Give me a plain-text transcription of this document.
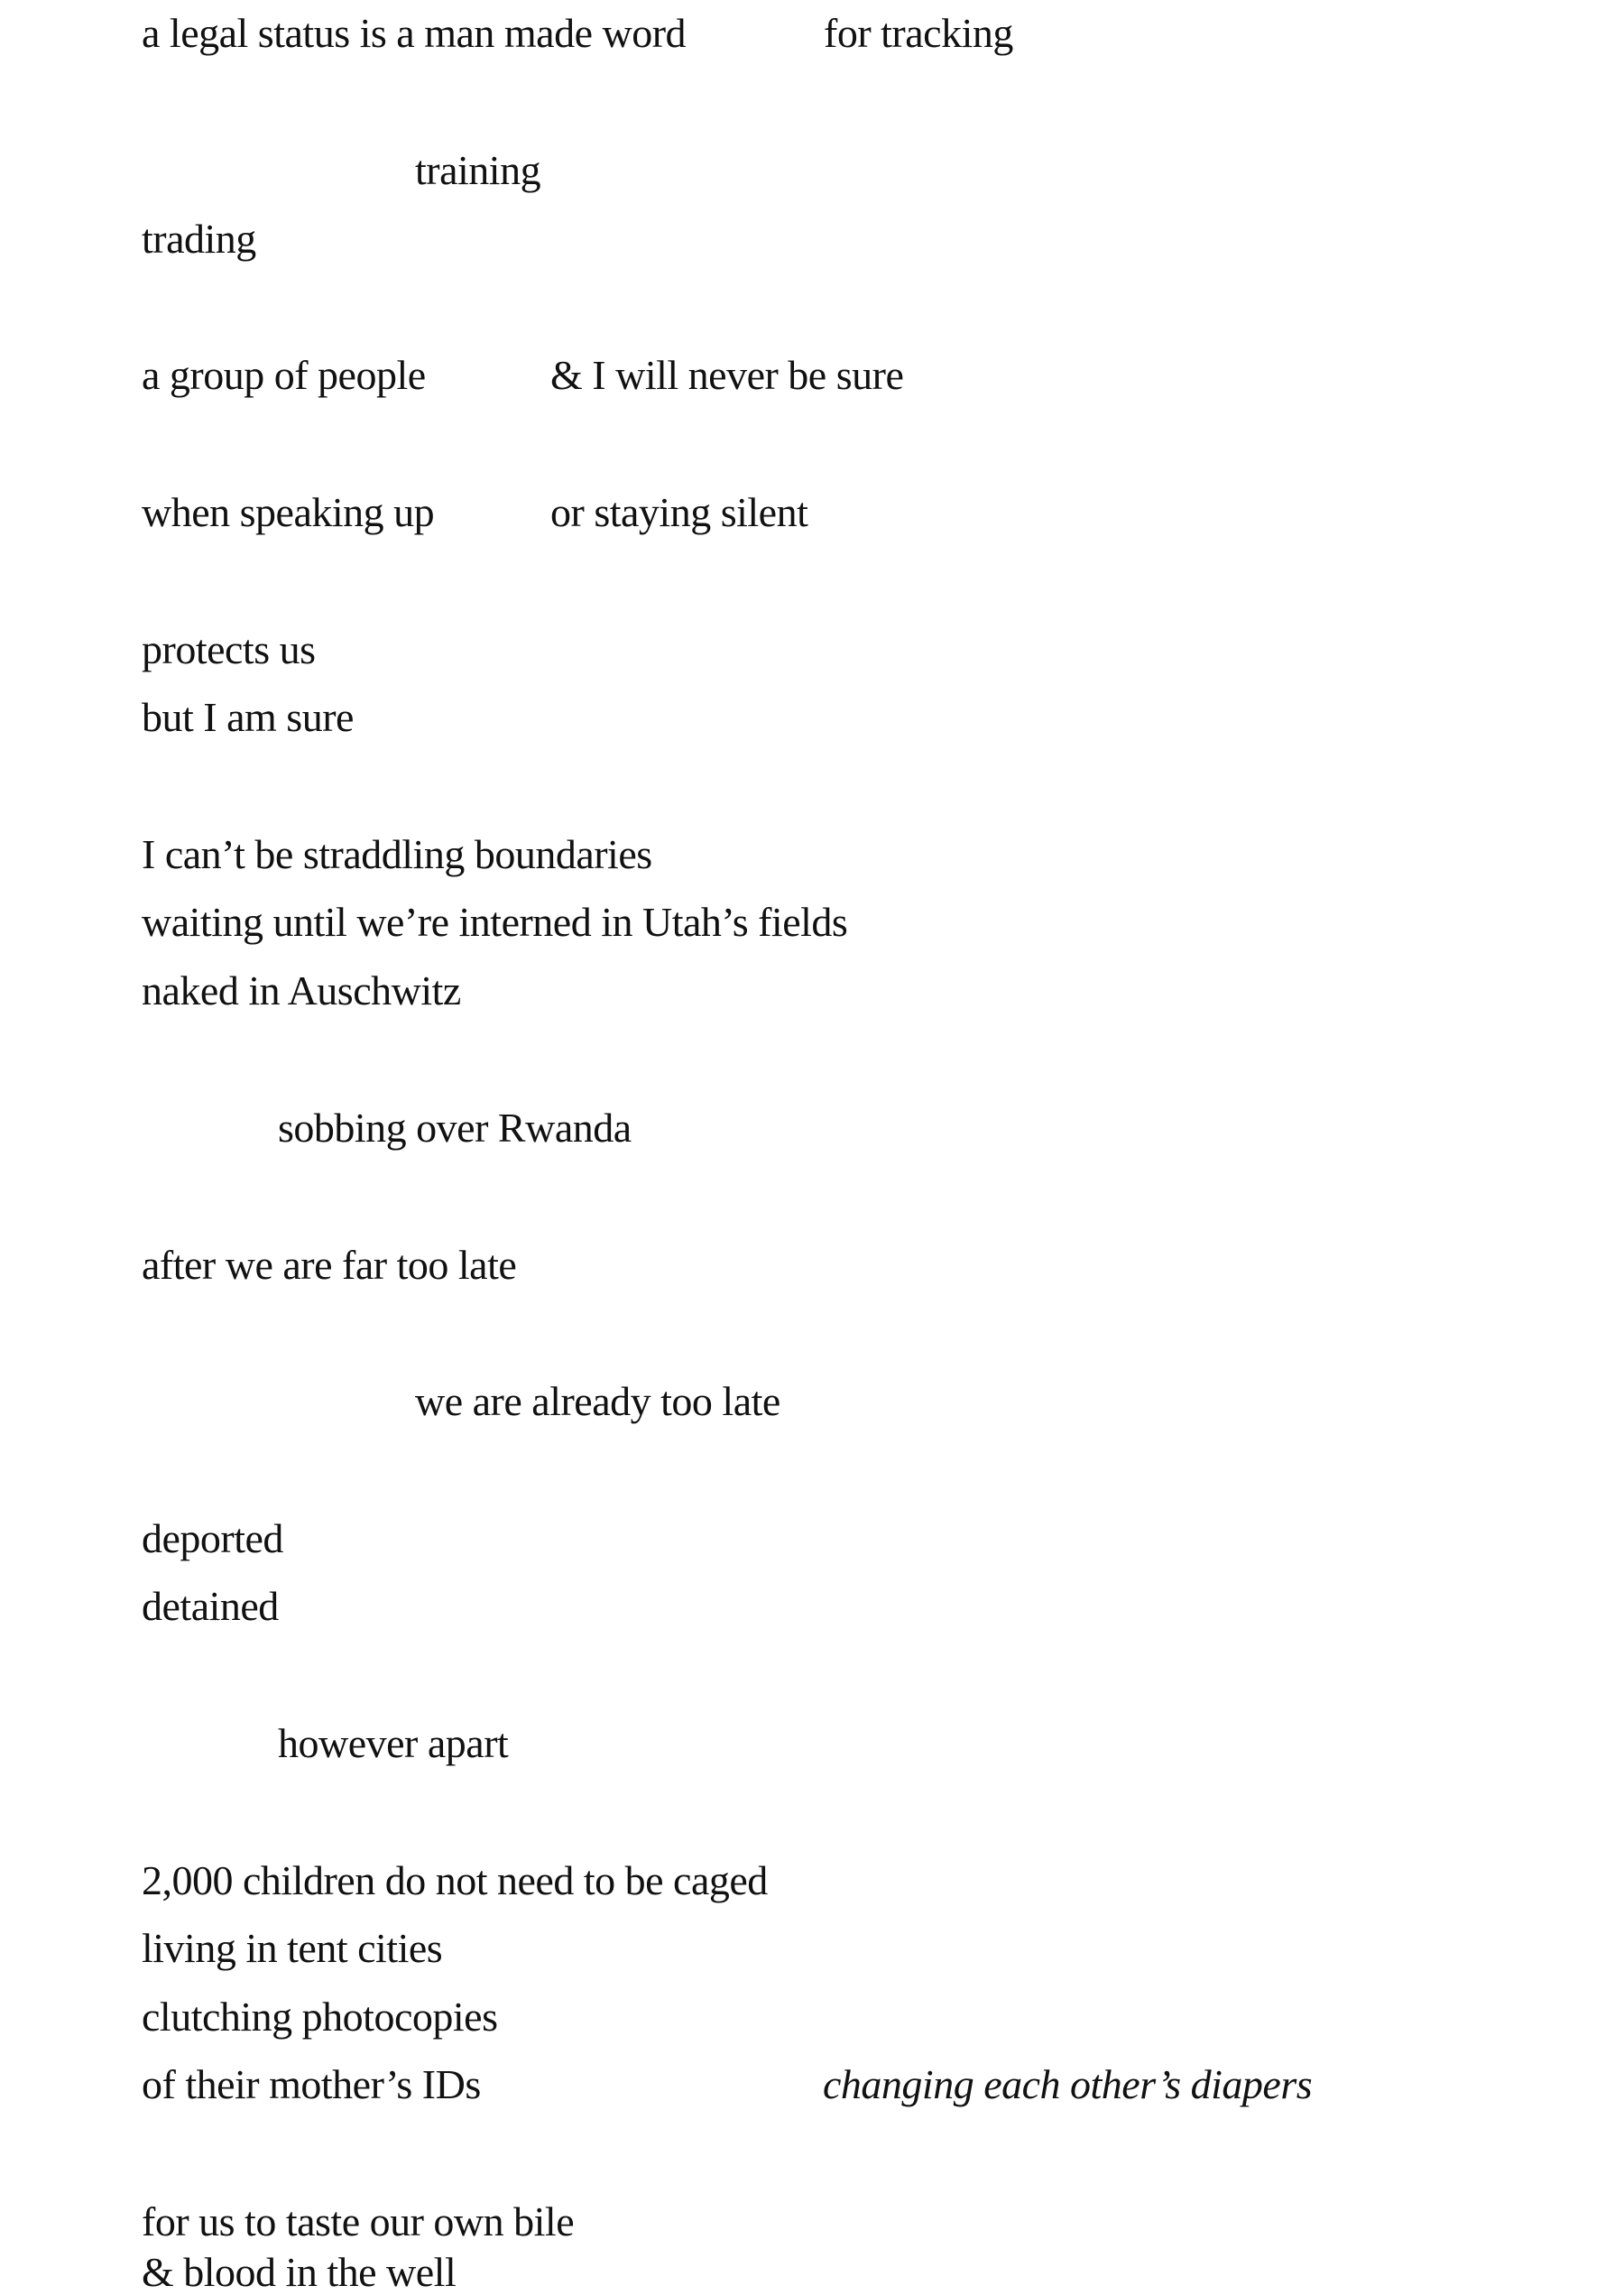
a legal status is a man made word	for tracking
training
trading
a group of people	& I will never be sure
when speaking up	or staying silent
protects us
but I am sure
I can’t be straddling boundaries
waiting until we’re interned in Utah’s fields
naked in Auschwitz
sobbing over Rwanda
after we are far too late
we are already too late
deported
detained
however apart
2,000 children do not need to be caged
living in tent cities
clutching photocopies
of their mother’s IDs	changing each other’s diapers
for us to taste our own bile
& blood in the well
